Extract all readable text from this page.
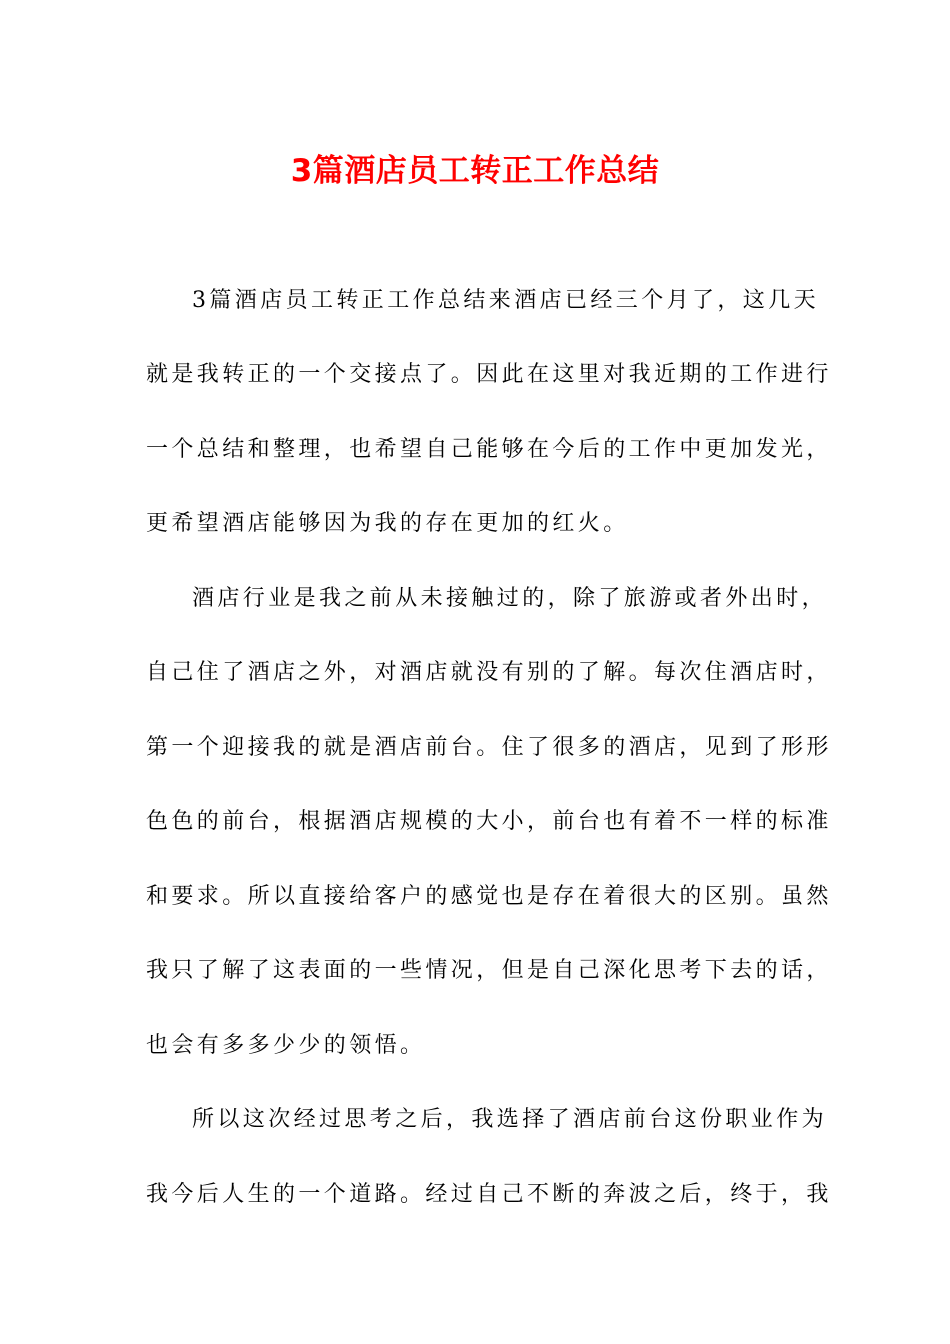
3篇酒店员工转正工作总结
3篇酒店员工转正工作总结来酒店已经三个月了，这几天
就是我转正的一个交接点了。因此在这里对我近期的工作进行
一个总结和整理，也希望自己能够在今后的工作中更加发光，
更希望酒店能够因为我的存在更加的红火。
酒店行业是我之前从未接触过的，除了旅游或者外出时，
自己住了酒店之外，对酒店就没有别的了解。每次住酒店时，
第一个迎接我的就是酒店前台。住了很多的酒店，见到了形形
色色的前台，根据酒店规模的大小，前台也有着不一样的标准
和要求。所以直接给客户的感觉也是存在着很大的区别。虽然
我只了解了这表面的一些情况，但是自己深化思考下去的话，
也会有多多少少的领悟。
所以这次经过思考之后，我选择了酒店前台这份职业作为
我今后人生的一个道路。经过自己不断的奔波之后，终于，我
